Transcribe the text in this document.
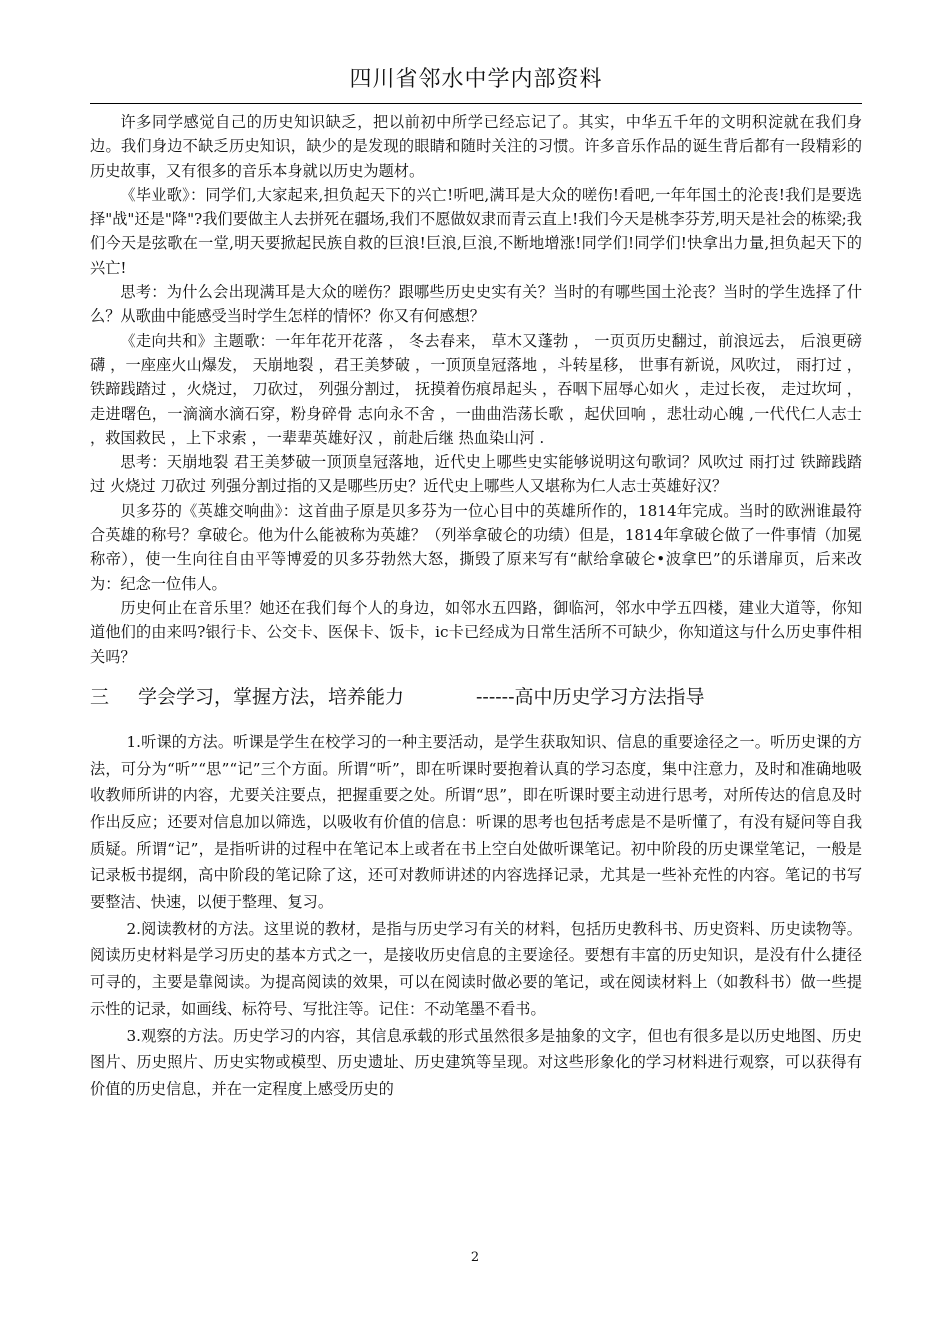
四川省邻水中学内部资料

许多同学感觉自己的历史知识缺乏，把以前初中所学已经忘记了。其实，中华五千年的文明积淀就在我们身边。我们身边不缺乏历史知识，缺少的是发现的眼睛和随时关注的习惯。许多音乐作品的诞生背后都有一段精彩的历史故事，又有很多的音乐本身就以历史为题材。

《毕业歌》：同学们,大家起来,担负起天下的兴亡!听吧,满耳是大众的嗟伤!看吧,一年年国土的沦丧!我们是要选择"战"还是"降"?我们要做主人去拼死在疆场,我们不愿做奴隶而青云直上!我们今天是桃李芬芳,明天是社会的栋梁;我们今天是弦歌在一堂,明天要掀起民族自救的巨浪!巨浪,巨浪,不断地增涨!同学们!同学们!快拿出力量,担负起天下的兴亡!

思考：为什么会出现满耳是大众的嗟伤？跟哪些历史史实有关？当时的有哪些国土沦丧？当时的学生选择了什么？从歌曲中能感受当时学生怎样的情怀？你又有何感想？

《走向共和》主题歌：一年年花开花落 ， 冬去春来， 草木又蓬勃 ， 一页页历史翻过，前浪远去， 后浪更磅礴 ，一座座火山爆发， 天崩地裂 ，君王美梦破 ，一顶顶皇冠落地 ，斗转星移， 世事有新说，风吹过， 雨打过 ，铁蹄践踏过 ，火烧过， 刀砍过， 列强分割过， 抚摸着伤痕昂起头 ，吞咽下屈辱心如火 ，走过长夜， 走过坎坷 ，走进曙色，一滴滴水滴石穿，粉身碎骨 志向永不舍 ，一曲曲浩荡长歌 ，起伏回响 ，悲壮动心魄 ,一代代仁人志士 ，救国救民 ，上下求索 ，一辈辈英雄好汉 ，前赴后继 热血染山河 .

思考：天崩地裂 君王美梦破一顶顶皇冠落地，近代史上哪些史实能够说明这句歌词？风吹过 雨打过 铁蹄践踏过 火烧过 刀砍过 列强分割过指的又是哪些历史？近代史上哪些人又堪称为仁人志士英雄好汉？

贝多芬的《英雄交响曲》：这首曲子原是贝多芬为一位心目中的英雄所作的，1814年完成。当时的欧洲谁最符合英雄的称号？拿破仑。他为什么能被称为英雄？（列举拿破仑的功绩）但是，1814年拿破仑做了一件事情（加冕称帝），使一生向往自由平等博爱的贝多芬勃然大怒，撕毁了原来写有“献给拿破仑•波拿巴”的乐谱扉页，后来改为：纪念一位伟人。

历史何止在音乐里？她还在我们每个人的身边，如邻水五四路，御临河，邻水中学五四楼，建业大道等，你知道他们的由来吗?银行卡、公交卡、医保卡、饭卡，ic卡已经成为日常生活所不可缺少，你知道这与什么历史事件相关吗？

三	学会学习，掌握方法，培养能力	------高中历史学习方法指导

1.听课的方法。听课是学生在校学习的一种主要活动，是学生获取知识、信息的重要途径之一。听历史课的方法，可分为“听”“思”“记”三个方面。所谓“听”，即在听课时要抱着认真的学习态度，集中注意力，及时和准确地吸收教师所讲的内容，尤要关注要点，把握重要之处。所谓“思”，即在听课时要主动进行思考，对所传达的信息及时作出反应；还要对信息加以筛选，以吸收有价值的信息：听课的思考也包括考虑是不是听懂了，有没有疑问等自我质疑。所谓“记”，是指听讲的过程中在笔记本上或者在书上空白处做听课笔记。初中阶段的历史课堂笔记，一般是记录板书提纲，高中阶段的笔记除了这，还可对教师讲述的内容选择记录，尤其是一些补充性的内容。笔记的书写要整洁、快速，以便于整理、复习。

2.阅读教材的方法。这里说的教材，是指与历史学习有关的材料，包括历史教科书、历史资料、历史读物等。阅读历史材料是学习历史的基本方式之一，是接收历史信息的主要途径。要想有丰富的历史知识，是没有什么捷径可寻的，主要是靠阅读。为提高阅读的效果，可以在阅读时做必要的笔记，或在阅读材料上（如教科书）做一些提示性的记录，如画线、标符号、写批注等。记住：不动笔墨不看书。

3.观察的方法。历史学习的内容，其信息承载的形式虽然很多是抽象的文字，但也有很多是以历史地图、历史图片、历史照片、历史实物或模型、历史遗址、历史建筑等呈现。对这些形象化的学习材料进行观察，可以获得有价值的历史信息，并在一定程度上感受历史的

2
